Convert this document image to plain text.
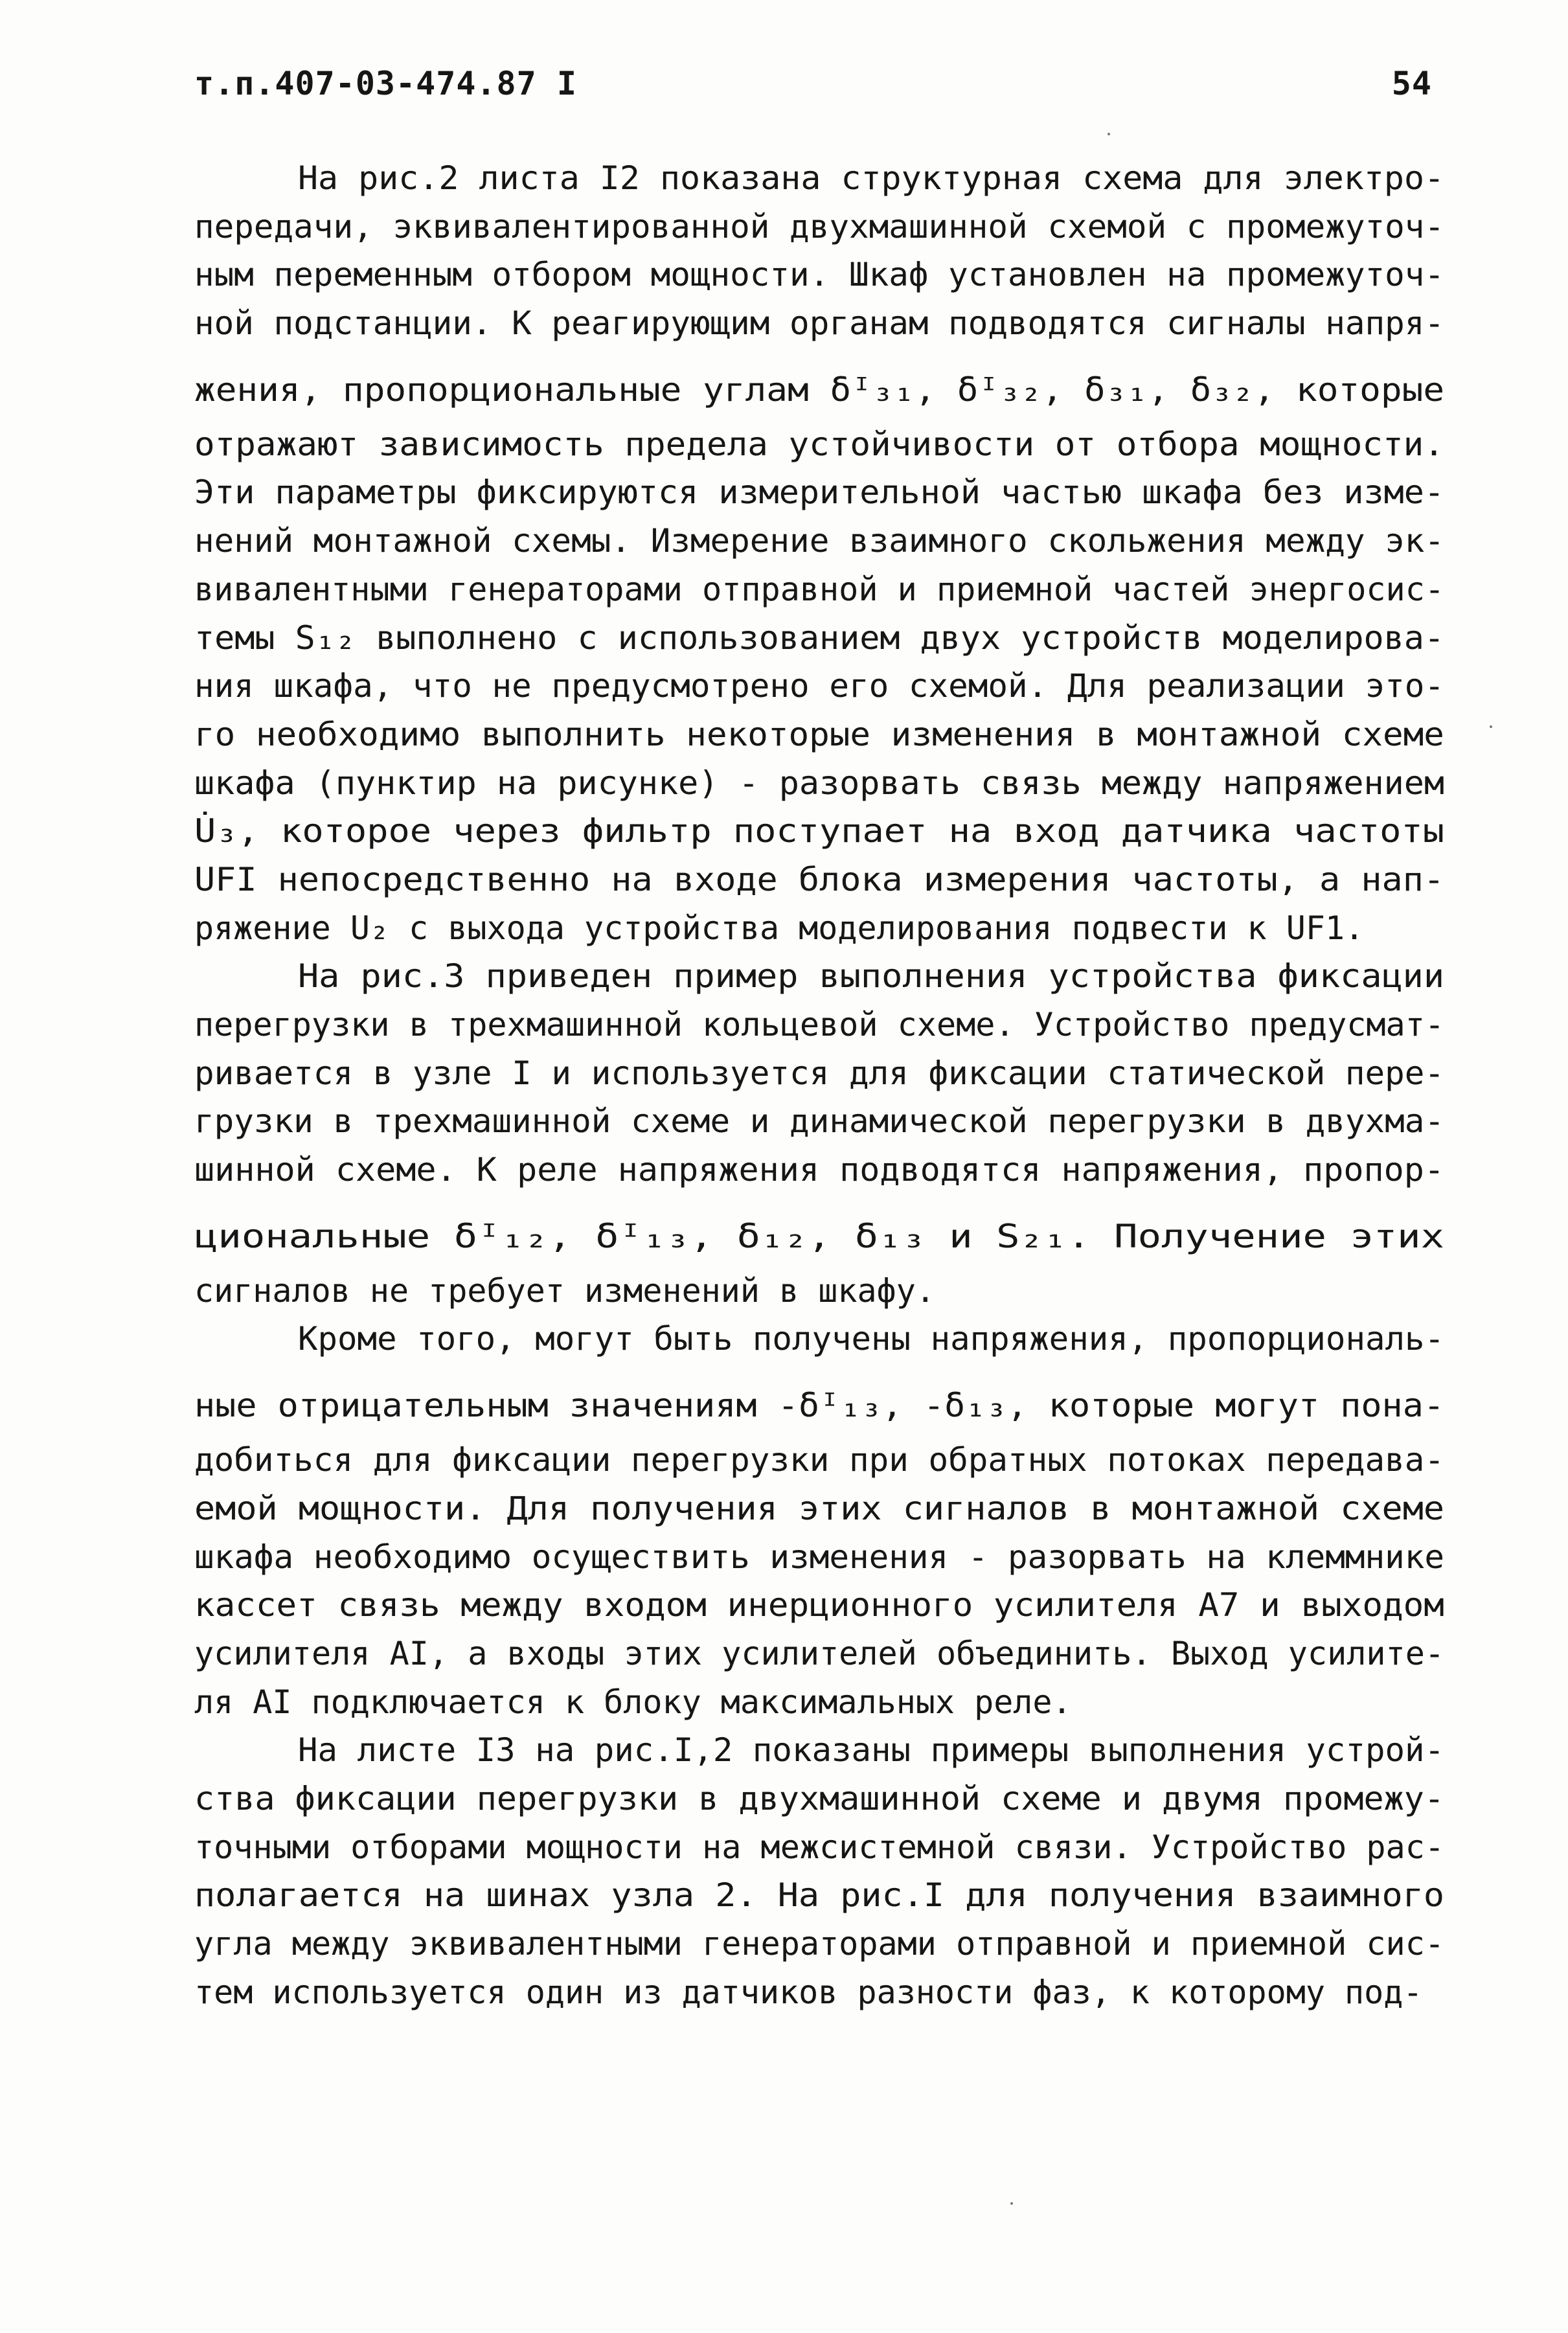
т.п.407-03-474.87 I	54
На рис.2 листа I2 показана структурная схема для электро-
передачи, эквивалентированной двухмашинной схемой с промежуточ-
ным переменным отбором мощности. Шкаф установлен на промежуточ-
ной подстанции. К реагирующим органам подводятся сигналы напря-
жения, пропорциональные углам δᴵ₃₁, δᴵ₃₂, δ₃₁, δ₃₂, которые
отражают зависимость предела устойчивости от отбора мощности.
Эти параметры фиксируются измерительной частью шкафа без изме-
нений монтажной схемы. Измерение взаимного скольжения между эк-
вивалентными генераторами отправной и приемной частей энергосис-
темы S₁₂ выполнено с использованием двух устройств моделирова-
ния шкафа, что не предусмотрено его схемой. Для реализации это-
го необходимо выполнить некоторые изменения в монтажной схеме
шкафа (пунктир на рисунке) - разорвать связь между напряжением
U̇₃, которое через фильтр поступает на вход датчика частоты
UFI непосредственно на входе блока измерения частоты, а нап-
ряжение U₂ с выхода устройства моделирования подвести к UF1.
На рис.3 приведен пример выполнения устройства фиксации
перегрузки в трехмашинной кольцевой схеме. Устройство предусмат-
ривается в узле I и используется для фиксации статической пере-
грузки в трехмашинной схеме и динамической перегрузки в двухма-
шинной схеме. К реле напряжения подводятся напряжения, пропор-
циональные δᴵ₁₂, δᴵ₁₃, δ₁₂, δ₁₃ и S₂₁. Получение этих
сигналов не требует изменений в шкафу.
Кроме того, могут быть получены напряжения, пропорциональ-
ные отрицательным значениям -δᴵ₁₃, -δ₁₃, которые могут пона-
добиться для фиксации перегрузки при обратных потоках передава-
емой мощности. Для получения этих сигналов в монтажной схеме
шкафа необходимо осуществить изменения - разорвать на клеммнике
кассет связь между входом инерционного усилителя А7 и выходом
усилителя AI, а входы этих усилителей объединить. Выход усилите-
ля AI подключается к блоку максимальных реле.
На листе I3 на рис.I,2 показаны примеры выполнения устрой-
ства фиксации перегрузки в двухмашинной схеме и двумя промежу-
точными отборами мощности на межсистемной связи. Устройство рас-
полагается на шинах узла 2. На рис.I для получения взаимного
угла между эквивалентными генераторами отправной и приемной сис-
тем используется один из датчиков разности фаз, к которому под-
